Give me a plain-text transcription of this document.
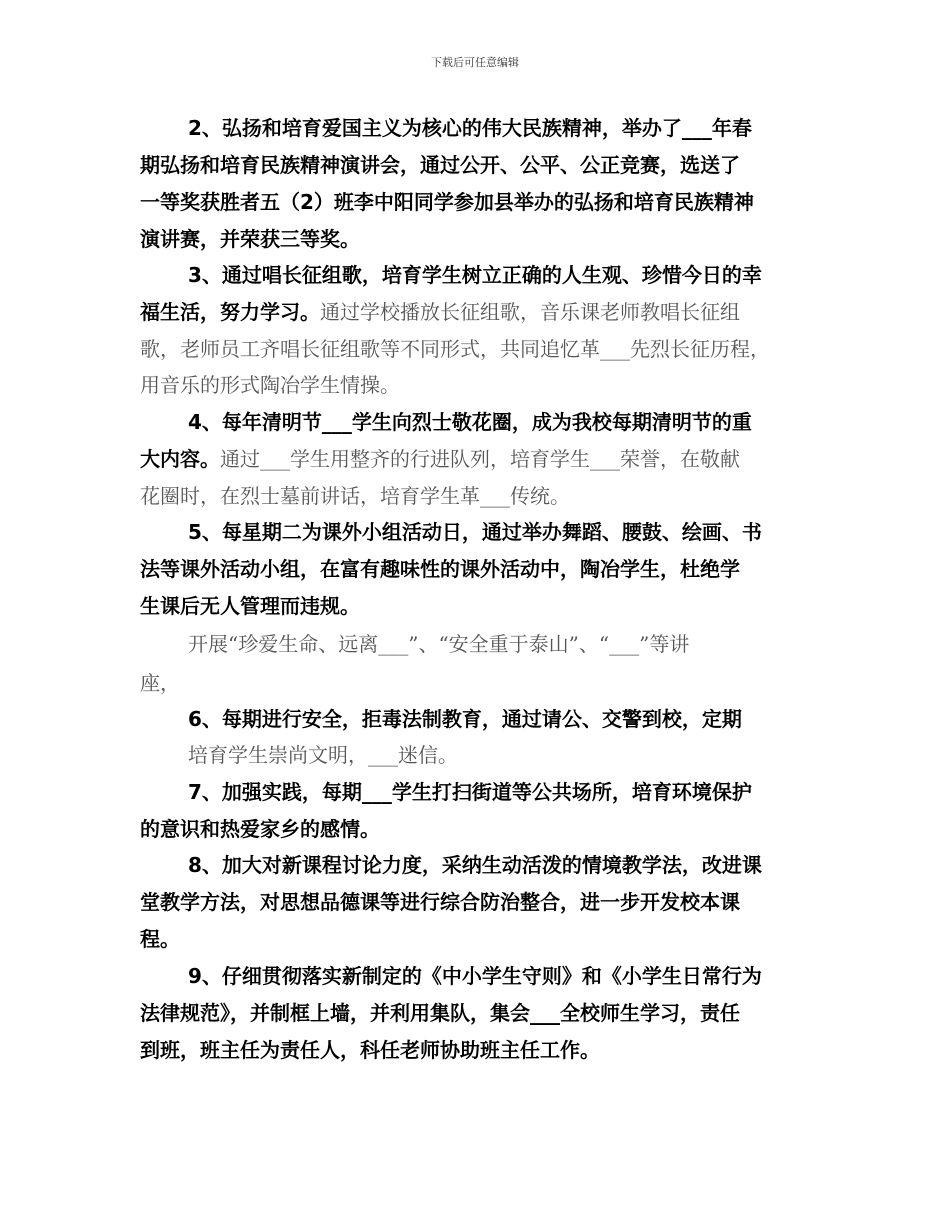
下载后可任意编辑
2、弘扬和培育爱国主义为核心的伟大民族精神，举办了___年春
期弘扬和培育民族精神演讲会，通过公开、公平、公正竞赛，选送了
一等奖获胜者五（2）班李中阳同学参加县举办的弘扬和培育民族精神
演讲赛，并荣获三等奖。
3、通过唱长征组歌，培育学生树立正确的人生观、珍惜今日的幸
福生活，努力学习。通过学校播放长征组歌，音乐课老师教唱长征组
歌，老师员工齐唱长征组歌等不同形式，共同追忆革___先烈长征历程，
用音乐的形式陶冶学生情操。
4、每年清明节___学生向烈士敬花圈，成为我校每期清明节的重
大内容。通过___学生用整齐的行进队列，培育学生___荣誉，在敬献
花圈时，在烈士墓前讲话，培育学生革___传统。
5、每星期二为课外小组活动日，通过举办舞蹈、腰鼓、绘画、书
法等课外活动小组，在富有趣味性的课外活动中，陶冶学生，杜绝学
生课后无人管理而违规。
开展“珍爱生命、远离___”、“安全重于泰山”、“___”等讲
座，
6、每期进行安全，拒毒法制教育，通过请公、交警到校，定期
培育学生崇尚文明，___迷信。
7、加强实践，每期___学生打扫街道等公共场所，培育环境保护
的意识和热爱家乡的感情。
8、加大对新课程讨论力度，采纳生动活泼的情境教学法，改进课
堂教学方法，对思想品德课等进行综合防治整合，进一步开发校本课
程。
9、仔细贯彻落实新制定的《中小学生守则》和《小学生日常行为
法律规范》，并制框上墙，并利用集队，集会___全校师生学习，责任
到班，班主任为责任人，科任老师协助班主任工作。
